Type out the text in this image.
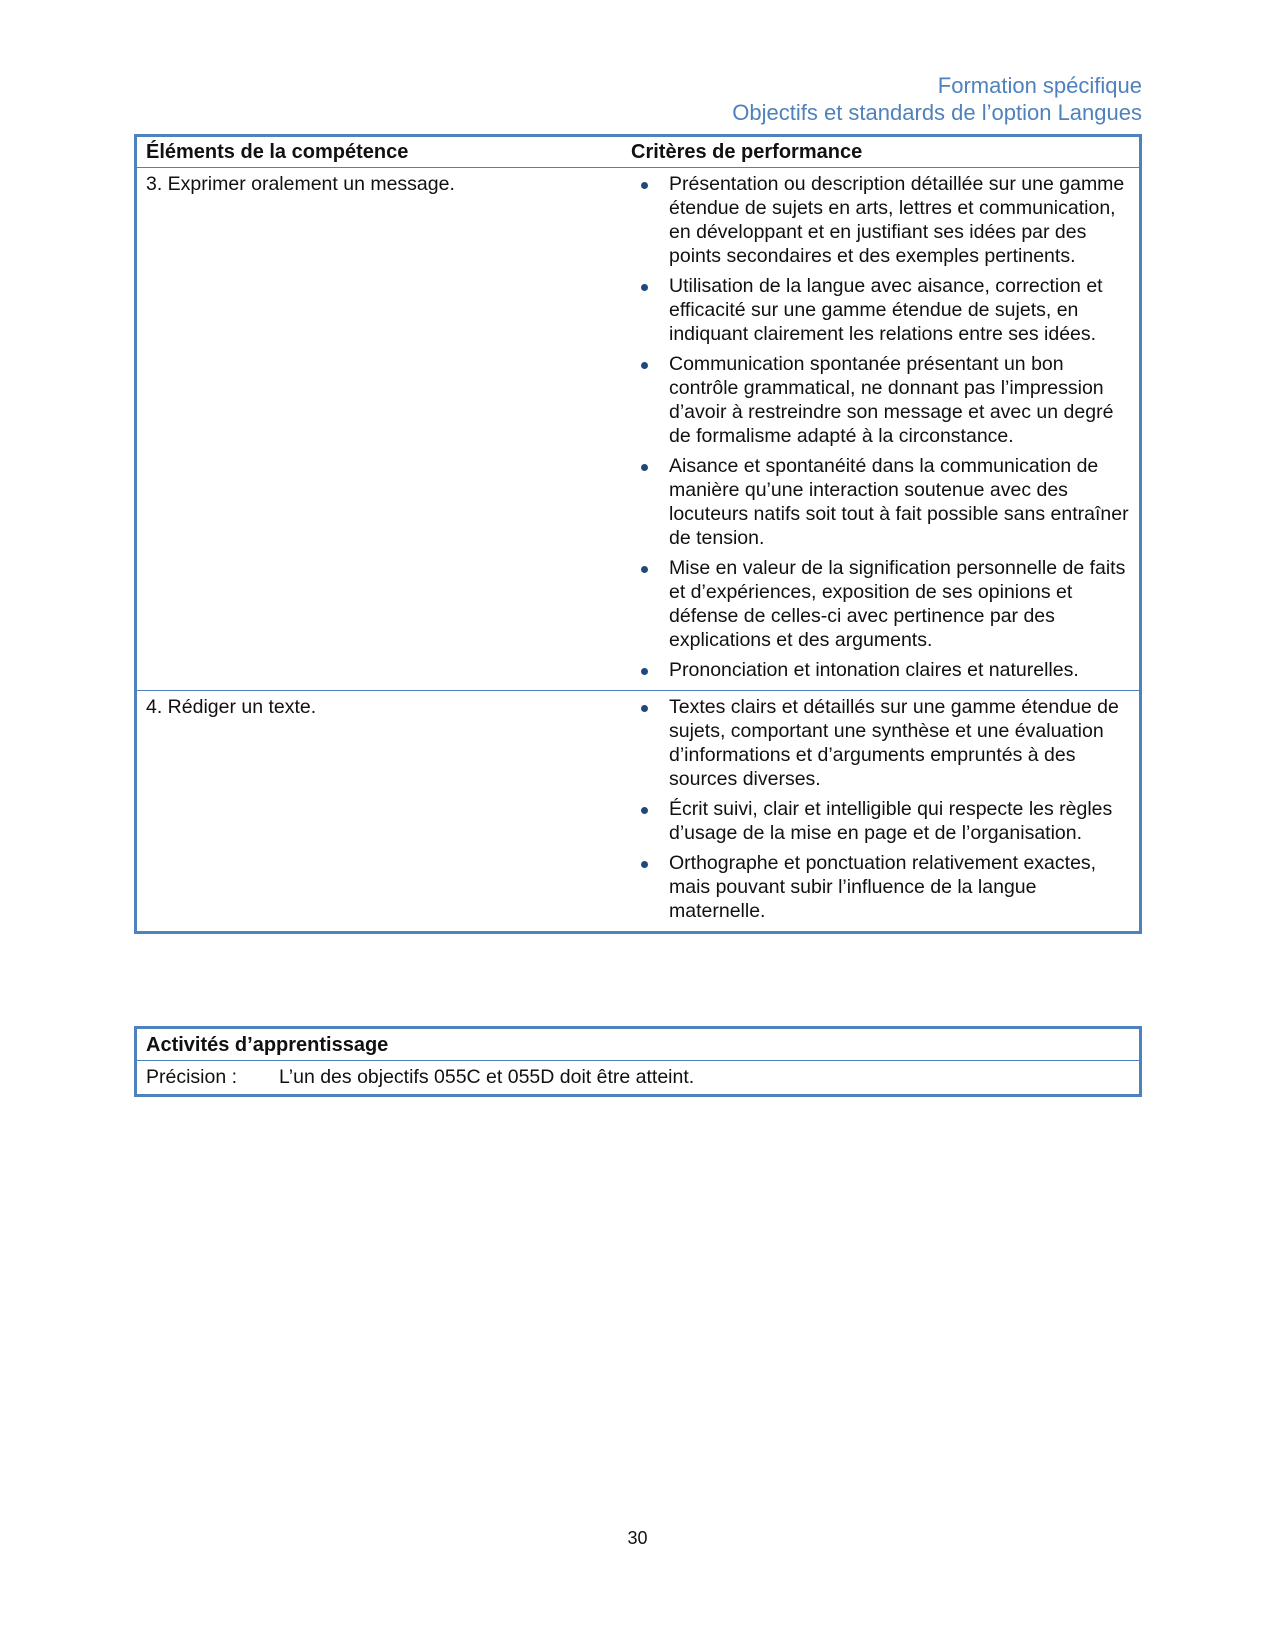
Formation spécifique
Objectifs et standards de l’option Langues
Éléments de la compétence	Critères de performance
3. Exprimer oralement un message.	Présentation ou description détaillée sur une gamme étendue de sujets en arts, lettres et communication, en développant et en justifiant ses idées par des points secondaires et des exemples pertinents.
Utilisation de la langue avec aisance, correction et efficacité sur une gamme étendue de sujets, en indiquant clairement les relations entre ses idées.
Communication spontanée présentant un bon contrôle grammatical, ne donnant pas l’impression d’avoir à restreindre son message et avec un degré de formalisme adapté à la circonstance.
Aisance et spontanéité dans la communication de manière qu’une interaction soutenue avec des locuteurs natifs soit tout à fait possible sans entraîner de tension.
Mise en valeur de la signification personnelle de faits et d’expériences, exposition de ses opinions et défense de celles-ci avec pertinence par des explications et des arguments.
Prononciation et intonation claires et naturelles.
4. Rédiger un texte.	Textes clairs et détaillés sur une gamme étendue de sujets, comportant une synthèse et une évaluation d’informations et d’arguments empruntés à des sources diverses.
Écrit suivi, clair et intelligible qui respecte les règles d’usage de la mise en page et de l’organisation.
Orthographe et ponctuation relativement exactes, mais pouvant subir l’influence de la langue maternelle.
Activités d’apprentissage
Précision :	L’un des objectifs 055C et 055D doit être atteint.
30
